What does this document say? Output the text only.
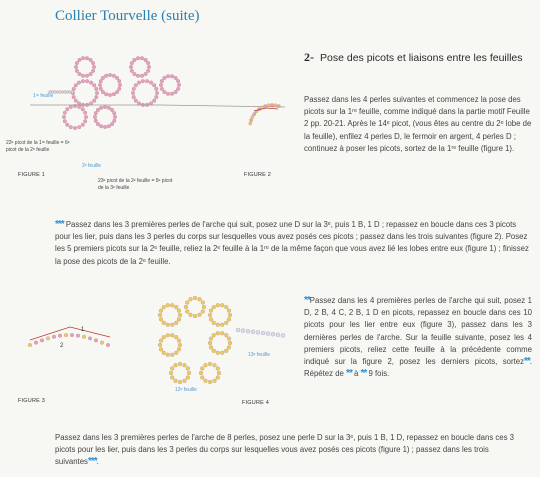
Collier Tourvelle (suite)
1ʳᵉ feuille
2ᵉ feuille
22ᵉ picot de la 1ʳᵉ feuille = 6ᵉ picot de la 2ᵉ feuille
23ᵉ picot de la 2ᵉ feuille = 5ᵉ picot de la 3ᵉ feuille
FIGURE 1	FIGURE 2
2- Pose des picots et liaisons entre les feuilles
Passez dans les 4 perles suivantes et commencez la pose des picots sur la 1ʳᵉ feuille, comme indiqué dans la partie motif Feuille 2 pp. 20-21. Après le 14ᵉ picot, (vous êtes au centre du 2ᵉ lobe de la feuille), enfilez 4 perles D, le fermoir en argent, 4 perles D ; continuez à poser les picots, sortez de la 1ʳᵉ feuille (figure 1).
*** Passez dans les 3 premières perles de l'arche qui suit, posez une D sur la 3ᵉ, puis 1 B, 1 D ; repassez en boucle dans ces 3 picots pour les lier, puis dans les 3 perles du corps sur lesquelles vous avez posés ces picots ; passez dans les trois suivantes (figure 2). Posez les 5 premiers picots sur la 2ᵉ feuille, reliez la 2ᵉ feuille à la 1ʳᵉ de la même façon que vous avez lié les lobes entre eux (figure 1) ; finissez la pose des picots de la 2ᵉ feuille.
FIGURE 3	FIGURE 4
13ᵉ feuille
12ᵉ feuille
1
2
**Passez dans les 4 premières perles de l'arche qui suit, posez 1 D, 2 B, 4 C, 2 B, 1 D en picots, repassez en boucle dans ces 10 picots pour les lier entre eux (figure 3), passez dans les 3 dernières perles de l'arche. Sur la feuille suivante, posez les 4 premiers picots, reliez cette feuille à la précédente comme indiqué sur la figure 2, posez les derniers picots, sortez**. Répétez de ** à ** 9 fois.
Passez dans les 3 premières perles de l'arche de 8 perles, posez une perle D sur la 3ᵉ, puis 1 B, 1 D, repassez en boucle dans ces 3 picots pour les lier, puis dans les 3 perles du corps sur lesquelles vous avez posés ces picots (figure 1) ; passez dans les trois suivantes***.
